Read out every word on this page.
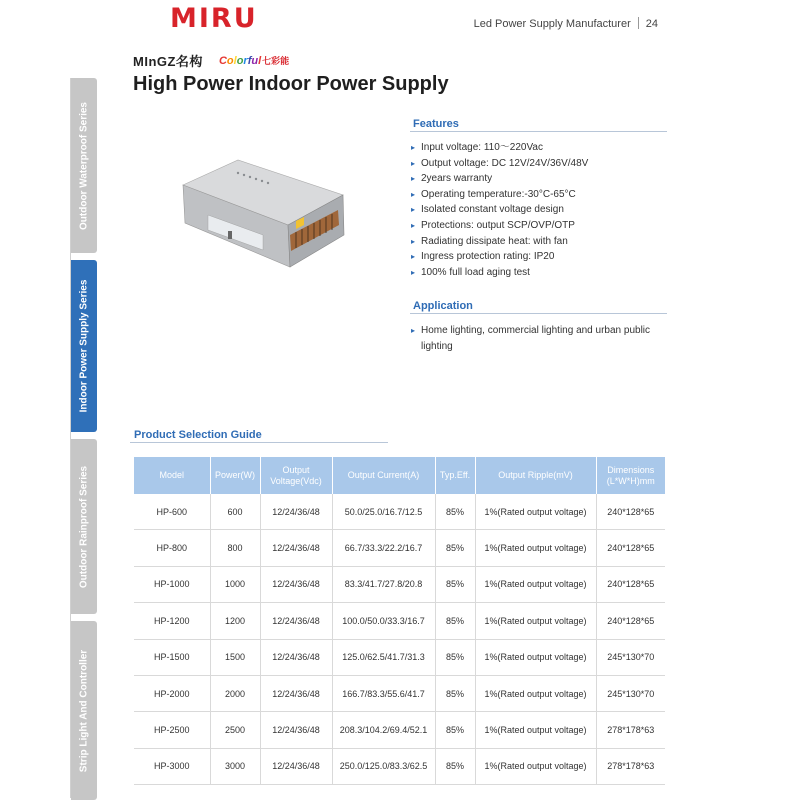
MIRU	Led Power Supply Manufacturer 24
MInGZ名构 Colorful七彩能
High Power Indoor Power Supply
Outdoor Waterproof Series
Indoor Power Supply Series
Outdoor Rainproof Series
Strip Light And Controller
Features
▸ Input voltage: 110～220Vac
▸ Output voltage: DC 12V/24V/36V/48V
▸ 2years warranty
▸ Operating temperature:-30°C-65°C
▸ Isolated constant voltage design
▸ Protections: output SCP/OVP/OTP
▸ Radiating dissipate heat: with fan
▸ Ingress protection rating: IP20
▸ 100% full load aging test
Application
▸ Home lighting, commercial lighting and urban public lighting
Product Selection Guide
Model	Power(W)	Output Voltage(Vdc)	Output Current(A)	Typ.Eff.	Output Ripple(mV)	Dimensions (L*W*H)mm
HP-600	600	12/24/36/48	50.0/25.0/16.7/12.5	85%	1%(Rated output voltage)	240*128*65
HP-800	800	12/24/36/48	66.7/33.3/22.2/16.7	85%	1%(Rated output voltage)	240*128*65
HP-1000	1000	12/24/36/48	83.3/41.7/27.8/20.8	85%	1%(Rated output voltage)	240*128*65
HP-1200	1200	12/24/36/48	100.0/50.0/33.3/16.7	85%	1%(Rated output voltage)	240*128*65
HP-1500	1500	12/24/36/48	125.0/62.5/41.7/31.3	85%	1%(Rated output voltage)	245*130*70
HP-2000	2000	12/24/36/48	166.7/83.3/55.6/41.7	85%	1%(Rated output voltage)	245*130*70
HP-2500	2500	12/24/36/48	208.3/104.2/69.4/52.1	85%	1%(Rated output voltage)	278*178*63
HP-3000	3000	12/24/36/48	250.0/125.0/83.3/62.5	85%	1%(Rated output voltage)	278*178*63
